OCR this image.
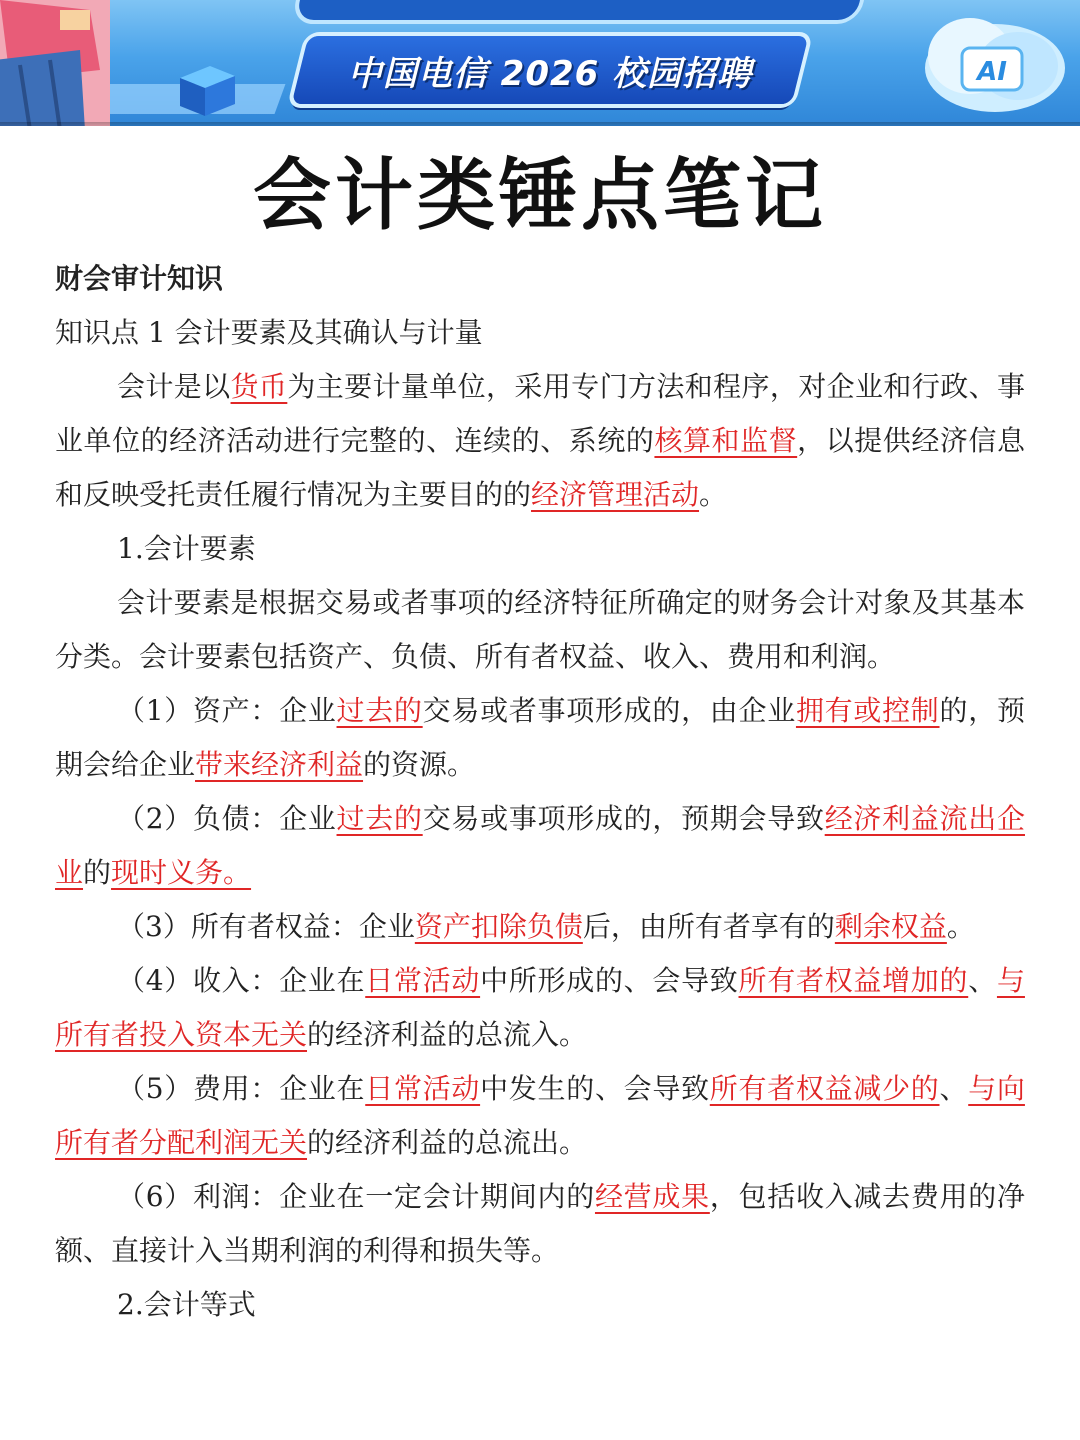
中国电信 2026 校园招聘	AI
会计类锤点笔记

财会审计知识

知识点 1 会计要素及其确认与计量

会计是以货币为主要计量单位，采用专门方法和程序，对企业和行政、事业单位的经济活动进行完整的、连续的、系统的核算和监督，以提供经济信息和反映受托责任履行情况为主要目的的经济管理活动。

1.会计要素

会计要素是根据交易或者事项的经济特征所确定的财务会计对象及其基本分类。会计要素包括资产、负债、所有者权益、收入、费用和利润。

（1）资产：企业过去的交易或者事项形成的，由企业拥有或控制的，预期会给企业带来经济利益的资源。

（2）负债：企业过去的交易或事项形成的，预期会导致经济利益流出企业的现时义务。

（3）所有者权益：企业资产扣除负债后，由所有者享有的剩余权益。

（4）收入：企业在日常活动中所形成的、会导致所有者权益增加的、与所有者投入资本无关的经济利益的总流入。

（5）费用：企业在日常活动中发生的、会导致所有者权益减少的、与向所有者分配利润无关的经济利益的总流出。

（6）利润：企业在一定会计期间内的经营成果，包括收入减去费用的净额、直接计入当期利润的利得和损失等。

2.会计等式
